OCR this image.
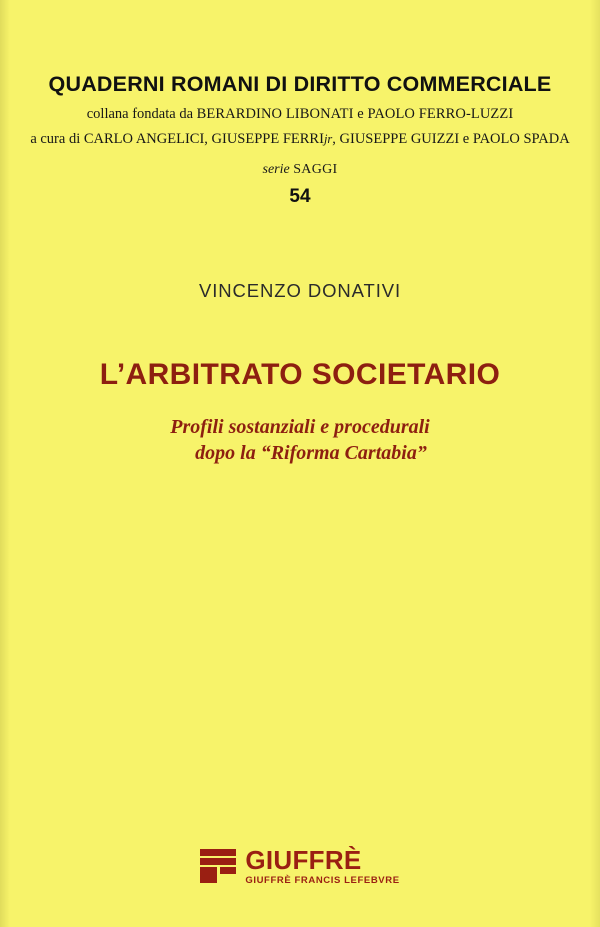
QUADERNI ROMANI DI DIRITTO COMMERCIALE
collana fondata da BERARDINO LIBONATI e PAOLO FERRO-LUZZI
a cura di CARLO ANGELICI, GIUSEPPE FERRIjr, GIUSEPPE GUIZZI e PAOLO SPADA
serie SAGGI
54
VINCENZO DONATIVI
L’ARBITRATO SOCIETARIO
Profili sostanziali e procedurali
dopo la “Riforma Cartabia”
GIUFFRÈ
GIUFFRÈ FRANCIS LEFEBVRE
